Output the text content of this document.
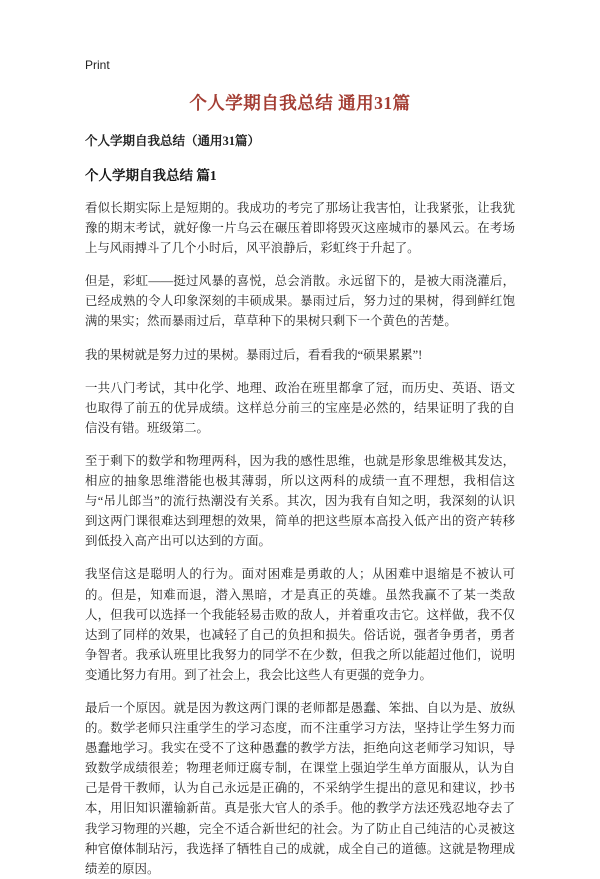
Print
个人学期自我总结 通用31篇
个人学期自我总结（通用31篇）
个人学期自我总结 篇1

看似长期实际上是短期的。我成功的考完了那场让我害怕，让我紧张，让我犹豫的期末考试，就好像一片乌云在碾压着即将毁灭这座城市的暴风云。在考场上与风雨搏斗了几个小时后，风平浪静后，彩虹终于升起了。

但是，彩虹——挺过风暴的喜悦，总会消散。永远留下的，是被大雨浇灌后，已经成熟的令人印象深刻的丰硕成果。暴雨过后，努力过的果树，得到鲜红饱满的果实；然而暴雨过后，草草种下的果树只剩下一个黄色的苦楚。

我的果树就是努力过的果树。暴雨过后，看看我的“硕果累累”!

一共八门考试，其中化学、地理、政治在班里都拿了冠，而历史、英语、语文也取得了前五的优异成绩。这样总分前三的宝座是必然的，结果证明了我的自信没有错。班级第二。

至于剩下的数学和物理两科，因为我的感性思维，也就是形象思维极其发达，相应的抽象思维潜能也极其薄弱，所以这两科的成绩一直不理想，我相信这与“吊儿郎当”的流行热潮没有关系。其次，因为我有自知之明，我深刻的认识到这两门课很难达到理想的效果，简单的把这些原本高投入低产出的资产转移到低投入高产出可以达到的方面。

我坚信这是聪明人的行为。面对困难是勇敢的人；从困难中退缩是不被认可的。但是，知难而退，潜入黑暗，才是真正的英雄。虽然我赢不了某一类敌人，但我可以选择一个我能轻易击败的敌人，并着重攻击它。这样做，我不仅达到了同样的效果，也减轻了自己的负担和损失。俗话说，强者争勇者，勇者争智者。我承认班里比我努力的同学不在少数，但我之所以能超过他们，说明变通比努力有用。到了社会上，我会比这些人有更强的竞争力。

最后一个原因。就是因为教这两门课的老师都是愚蠢、笨拙、自以为是、放纵的。数学老师只注重学生的学习态度，而不注重学习方法，坚持让学生努力而愚蠢地学习。我实在受不了这种愚蠢的教学方法，拒绝向这老师学习知识，导致数学成绩很差；物理老师迂腐专制，在课堂上强迫学生单方面服从，认为自己是骨干教师，认为自己永远是正确的，不采纳学生提出的意见和建议，抄书本，用旧知识灌输新苗。真是张大官人的杀手。他的教学方法还残忍地夺去了我学习物理的兴趣，完全不适合新世纪的社会。为了防止自己纯洁的心灵被这种官僚体制玷污，我选择了牺牲自己的成就，成全自己的道德。这就是物理成绩差的原因。
